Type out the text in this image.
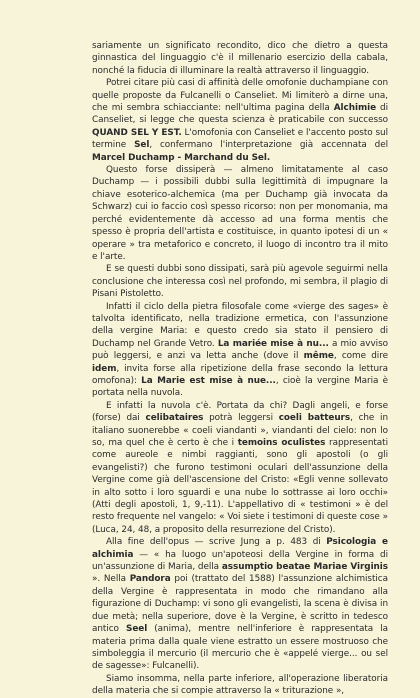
sariamente un significato recondito, dico che dietro a questa ginnastica del linguaggio c'è il millenario esercizio della cabala, nonché la fiducia di illuminare la realtà attraverso il linguaggio.

Potrei citare più casi di affinità delle omofonie duchampiane con quelle proposte da Fulcanelli o Canseliet. Mi limiterò a dirne una, che mi sembra schiacciante: nell'ultima pagina della Alchimie di Canseliet, si legge che questa scienza è praticabile con successo QUAND SEL Y EST. L'omofonia con Canseliet e l'accento posto sul termine Sel, confermano l'interpretazione già accennata del Marcel Duchamp - Marchand du Sel.

Questo forse dissiperà — almeno limitatamente al caso Duchamp — i possibili dubbi sulla legittimità di impugnare la chiave esoterico-alchemica (ma per Duchamp già invocata da Schwarz) cui io faccio così spesso ricorso: non per monomania, ma perché evidentemente dà accesso ad una forma mentis che spesso è propria dell'artista e costituisce, in quanto ipotesi di un « operare » tra metaforico e concreto, il luogo di incontro tra il mito e l'arte.

E se questi dubbi sono dissipati, sarà più agevole seguirmi nella conclusione che interessa così nel profondo, mi sembra, il plagio di Pisani Pistoletto.

Infatti il ciclo della pietra filosofale come «vierge des sages» è talvolta identificato, nella tradizione ermetica, con l'assunzione della vergine Maria: e questo credo sia stato il pensiero di Duchamp nel Grande Vetro. La mariée mise à nu... a mio avviso può leggersi, e anzi va letta anche (dove il même, come dire idem, invita forse alla ripetizione della frase secondo la lettura omofona): La Marie est mise à nue..., cioè la vergine Maria è portata nella nuvola.

E infatti la nuvola c'è. Portata da chi? Dagli angeli, e forse (forse) dai celibataires potrà leggersi coeli batteurs, che in italiano suonerebbe « coeli viandanti », viandanti del cielo: non lo so, ma quel che è certo è che i temoins oculistes rappresentati come aureole e nimbi raggianti, sono gli apostoli (o gli evangelisti?) che furono testimoni oculari dell'assunzione della Vergine come già dell'ascensione del Cristo: «Egli venne sollevato in alto sotto i loro sguardi e una nube lo sottrasse ai loro occhi» (Atti degli apostoli, 1, 9,-11). L'appellativo di « testimoni » è del resto frequente nel vangelo: « Voi siete i testimoni di queste cose » (Luca, 24, 48, a proposito della resurrezione del Cristo).

Alla fine dell'opus — scrive Jung a p. 483 di Psicologia e alchimia — « ha luogo un'apoteosi della Vergine in forma di un'assunzione di Maria, della assumptio beatae Mariae Virginis ». Nella Pandora poi (trattato del 1588) l'assunzione alchimistica della Vergine è rappresentata in modo che rimandano alla figurazione di Duchamp: vi sono gli evangelisti, la scena è divisa in due metà; nella superiore, dove è la Vergine, è scritto in tedesco antico Seel (anima), mentre nell'inferiore è rappresentata la materia prima dalla quale viene estratto un essere mostruoso che simboleggia il mercurio (il mercurio che è «appelé vierge... ou sel de sagesse»: Fulcanelli).

Siamo insomma, nella parte inferiore, all'operazione liberatoria della materia che si compie attraverso la « triturazione »,
